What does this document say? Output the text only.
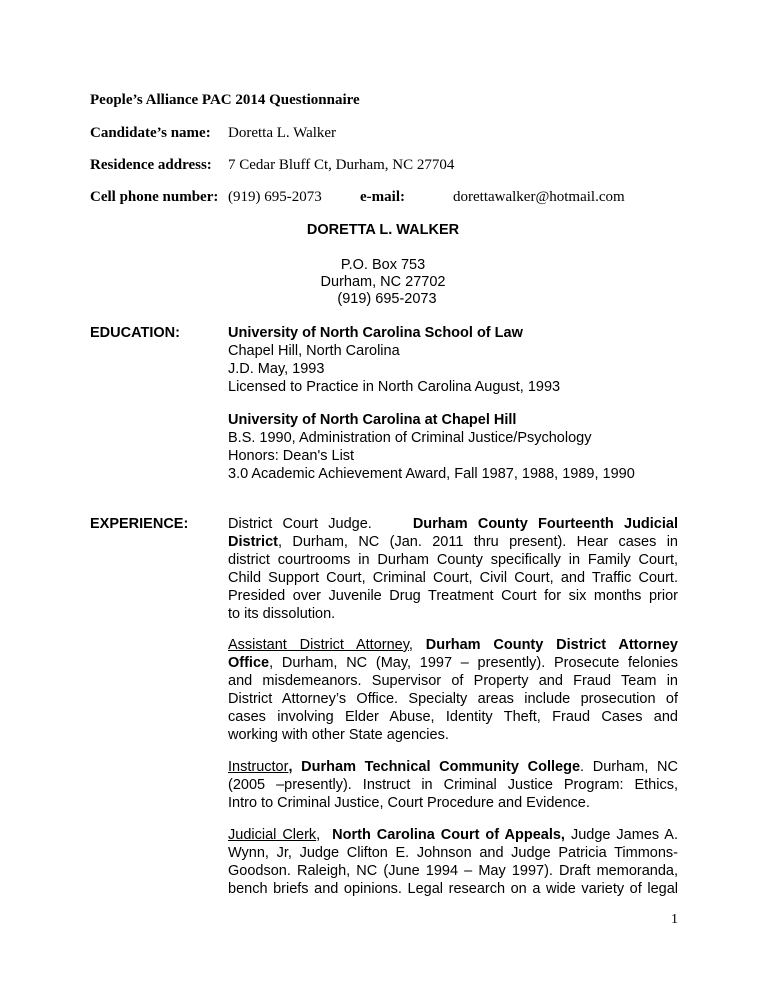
People’s Alliance PAC 2014 Questionnaire
Candidate’s name: Doretta L. Walker
Residence address: 7 Cedar Bluff Ct, Durham, NC 27704
Cell phone number: (919) 695-2073	e-mail:	dorettawalker@hotmail.com
DORETTA L. WALKER
P.O. Box 753
Durham, NC 27702
(919) 695-2073
EDUCATION:	University of North Carolina School of Law
Chapel Hill, North Carolina
J.D. May, 1993
Licensed to Practice in North Carolina August, 1993
University of North Carolina at Chapel Hill
B.S. 1990, Administration of Criminal Justice/Psychology
Honors: Dean's List
3.0 Academic Achievement Award, Fall 1987, 1988, 1989, 1990
EXPERIENCE:	District Court Judge.	Durham County Fourteenth Judicial
District, Durham, NC (Jan. 2011 thru present). Hear cases in
district courtrooms in Durham County specifically in Family Court,
Child Support Court, Criminal Court, Civil Court, and Traffic Court.
Presided over Juvenile Drug Treatment Court for six months prior
to its dissolution.
Assistant District Attorney, Durham County District Attorney
Office, Durham, NC (May, 1997 – presently). Prosecute felonies
and misdemeanors. Supervisor of Property and Fraud Team in
District Attorney’s Office. Specialty areas include prosecution of
cases involving Elder Abuse, Identity Theft, Fraud Cases and
working with other State agencies.
Instructor, Durham Technical Community College. Durham, NC
(2005 –presently). Instruct in Criminal Justice Program: Ethics,
Intro to Criminal Justice, Court Procedure and Evidence.
Judicial Clerk, North Carolina Court of Appeals, Judge James A.
Wynn, Jr, Judge Clifton E. Johnson and Judge Patricia Timmons-
Goodson. Raleigh, NC (June 1994 – May 1997). Draft memoranda,
bench briefs and opinions. Legal research on a wide variety of legal
1
